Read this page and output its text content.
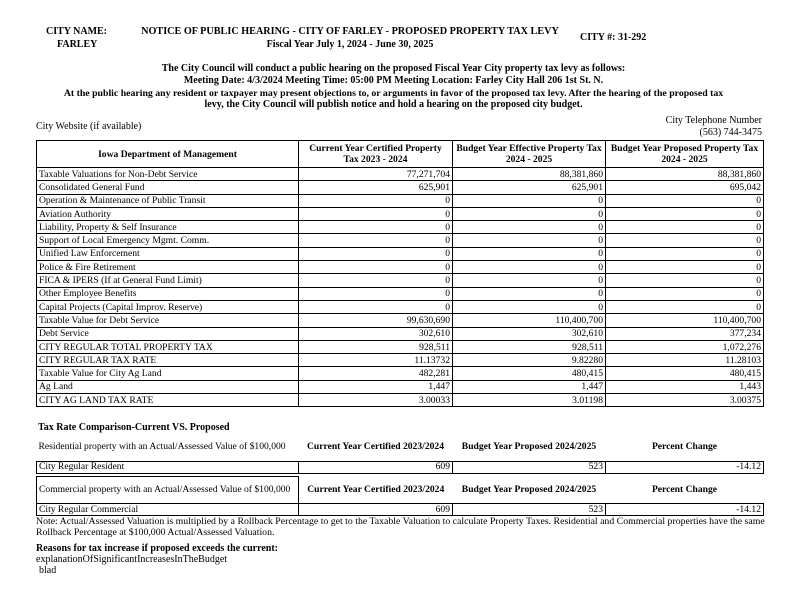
CITY NAME:
FARLEY
NOTICE OF PUBLIC HEARING - CITY OF FARLEY - PROPOSED PROPERTY TAX LEVY
Fiscal Year July 1, 2024 - June 30, 2025
CITY #: 31-292
The City Council will conduct a public hearing on the proposed Fiscal Year City property tax levy as follows:
Meeting Date: 4/3/2024 Meeting Time: 05:00 PM Meeting Location: Farley City Hall 206 1st St. N.
At the public hearing any resident or taxpayer may present objections to, or arguments in favor of the proposed tax levy. After the hearing of the proposed tax
levy, the City Council will publish notice and hold a hearing on the proposed city budget.
City Website (if available)
City Telephone Number
(563) 744-3475
Iowa Department of Management	Current Year Certified Property Tax 2023 - 2024	Budget Year Effective Property Tax 2024 - 2025	Budget Year Proposed Property Tax 2024 - 2025
Taxable Valuations for Non-Debt Service	77,271,704	88,381,860	88,381,860
Consolidated General Fund	625,901	625,901	695,042
Operation & Maintenance of Public Transit	0	0	0
Aviation Authority	0	0	0
Liability, Property & Self Insurance	0	0	0
Support of Local Emergency Mgmt. Comm.	0	0	0
Unified Law Enforcement	0	0	0
Police & Fire Retirement	0	0	0
FICA & IPERS (If at General Fund Limit)	0	0	0
Other Employee Benefits	0	0	0
Capital Projects (Capital Improv. Reserve)	0	0	0
Taxable Value for Debt Service	99,630,690	110,400,700	110,400,700
Debt Service	302,610	302,610	377,234
CITY REGULAR TOTAL PROPERTY TAX	928,511	928,511	1,072,276
CITY REGULAR TAX RATE	11.13732	9.82280	11.28103
Taxable Value for City Ag Land	482,281	480,415	480,415
Ag Land	1,447	1,447	1,443
CITY AG LAND TAX RATE	3.00033	3.01198	3.00375
Tax Rate Comparison-Current VS. Proposed
Residential property with an Actual/Assessed Value of $100,000	Current Year Certified 2023/2024	Budget Year Proposed 2024/2025	Percent Change
City Regular Resident	609	523	-14.12
Commercial property with an Actual/Assessed Value of $100,000	Current Year Certified 2023/2024	Budget Year Proposed 2024/2025	Percent Change
City Regular Commercial	609	523	-14.12
Note: Actual/Assessed Valuation is multiplied by a Rollback Percentage to get to the Taxable Valuation to calculate Property Taxes. Residential and Commercial properties have the same Rollback Percentage at $100,000 Actual/Assessed Valuation.
Reasons for tax increase if proposed exceeds the current:
explanationOfSignificantIncreasesInTheBudget
blad
